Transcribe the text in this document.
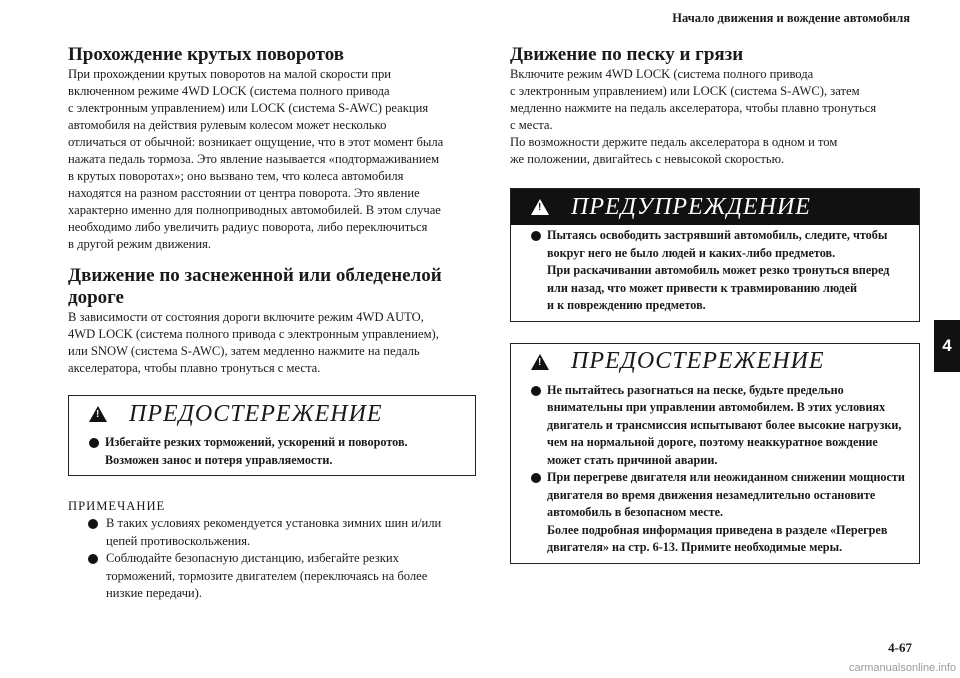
Начало движения и вождение автомобиля
Прохождение крутых поворотов

При прохождении крутых поворотов на малой скорости при
включенном режиме 4WD LOCK (система полного привода
с электронным управлением) или LOCK (система S-AWC) реакция
автомобиля на действия рулевым колесом может несколько
отличаться от обычной: возникает ощущение, что в этот момент была
нажата педаль тормоза. Это явление называется «подтормаживанием
в крутых поворотах»; оно вызвано тем, что колеса автомобиля
находятся на разном расстоянии от центра поворота. Это явление
характерно именно для полноприводных автомобилей. В этом случае
необходимо либо увеличить радиус поворота, либо переключиться
в другой режим движения.

Движение по заснеженной или обледенелой
дороге

В зависимости от состояния дороги включите режим 4WD AUTO,
4WD LOCK (система полного привода с электронным управлением),
или SNOW (система S-AWC), затем медленно нажмите на педаль
акселератора, чтобы плавно тронуться с места.

! ПРЕДОСТЕРЕЖЕНИЕ
Избегайте резких торможений, ускорений и поворотов.
Возможен занос и потеря управляемости.
ПРИМЕЧАНИЕ
В таких условиях рекомендуется установка зимних шин и/или
цепей противоскольжения.
Соблюдайте безопасную дистанцию, избегайте резких
торможений, тормозите двигателем (переключаясь на более
низкие передачи).
Движение по песку и грязи

Включите режим 4WD LOCK (система полного привода
с электронным управлением) или LOCK (система S-AWC), затем
медленно нажмите на педаль акселератора, чтобы плавно тронуться
с места.
По возможности держите педаль акселератора в одном и том
же положении, двигайтесь с невысокой скоростью.

! ПРЕДУПРЕЖДЕНИЕ
Пытаясь освободить застрявший автомобиль, следите, чтобы
вокруг него не было людей и каких-либо предметов.
При раскачивании автомобиль может резко тронуться вперед
или назад, что может привести к травмированию людей
и к повреждению предметов.
! ПРЕДОСТЕРЕЖЕНИЕ
Не пытайтесь разогнаться на песке, будьте предельно
внимательны при управлении автомобилем. В этих условиях
двигатель и трансмиссия испытывают более высокие нагрузки,
чем на нормальной дороге, поэтому неаккуратное вождение
может стать причиной аварии.
При перегреве двигателя или неожиданном снижении мощности
двигателя во время движения незамедлительно остановите
автомобиль в безопасном месте.
Более подробная информация приведена в разделе «Перегрев
двигателя» на стр. 6-13. Примите необходимые меры.
4
4-67
carmanualsonline.info
